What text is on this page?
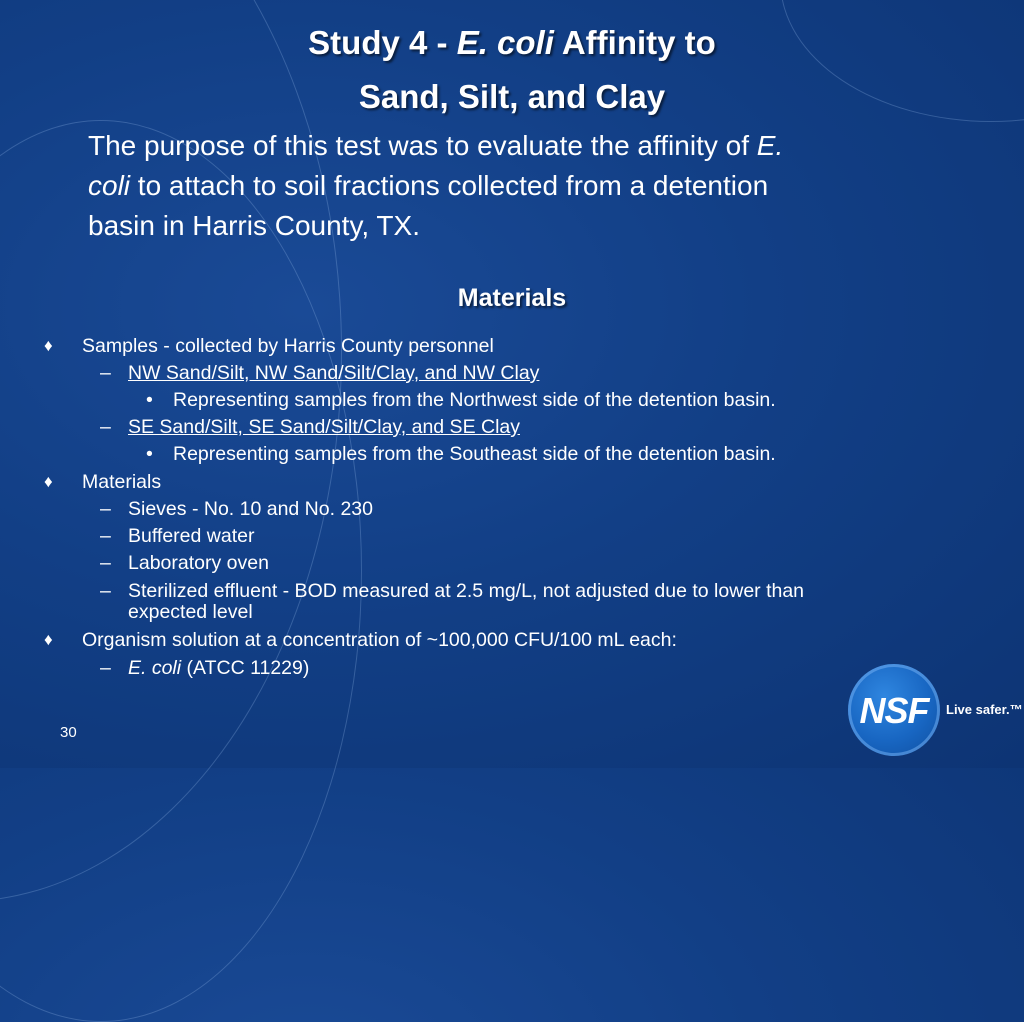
Study 4 - E. coli Affinity to
Sand, Silt, and Clay
The purpose of this test was to evaluate the affinity of E.
coli to attach to soil fractions collected from a detention
basin in Harris County, TX.
Materials
♦ Samples - collected by Harris County personnel
– NW Sand/Silt, NW Sand/Silt/Clay, and NW Clay
• Representing samples from the Northwest side of the detention basin.
– SE Sand/Silt, SE Sand/Silt/Clay, and SE Clay
• Representing samples from the Southeast side of the detention basin.
♦ Materials
– Sieves - No. 10 and No. 230
– Buffered water
– Laboratory oven
– Sterilized effluent - BOD measured at 2.5 mg/L, not adjusted due to lower than
expected level
♦ Organism solution at a concentration of ~100,000 CFU/100 mL each:
– E. coli (ATCC 11229)
30
NSF	Live safer.™
